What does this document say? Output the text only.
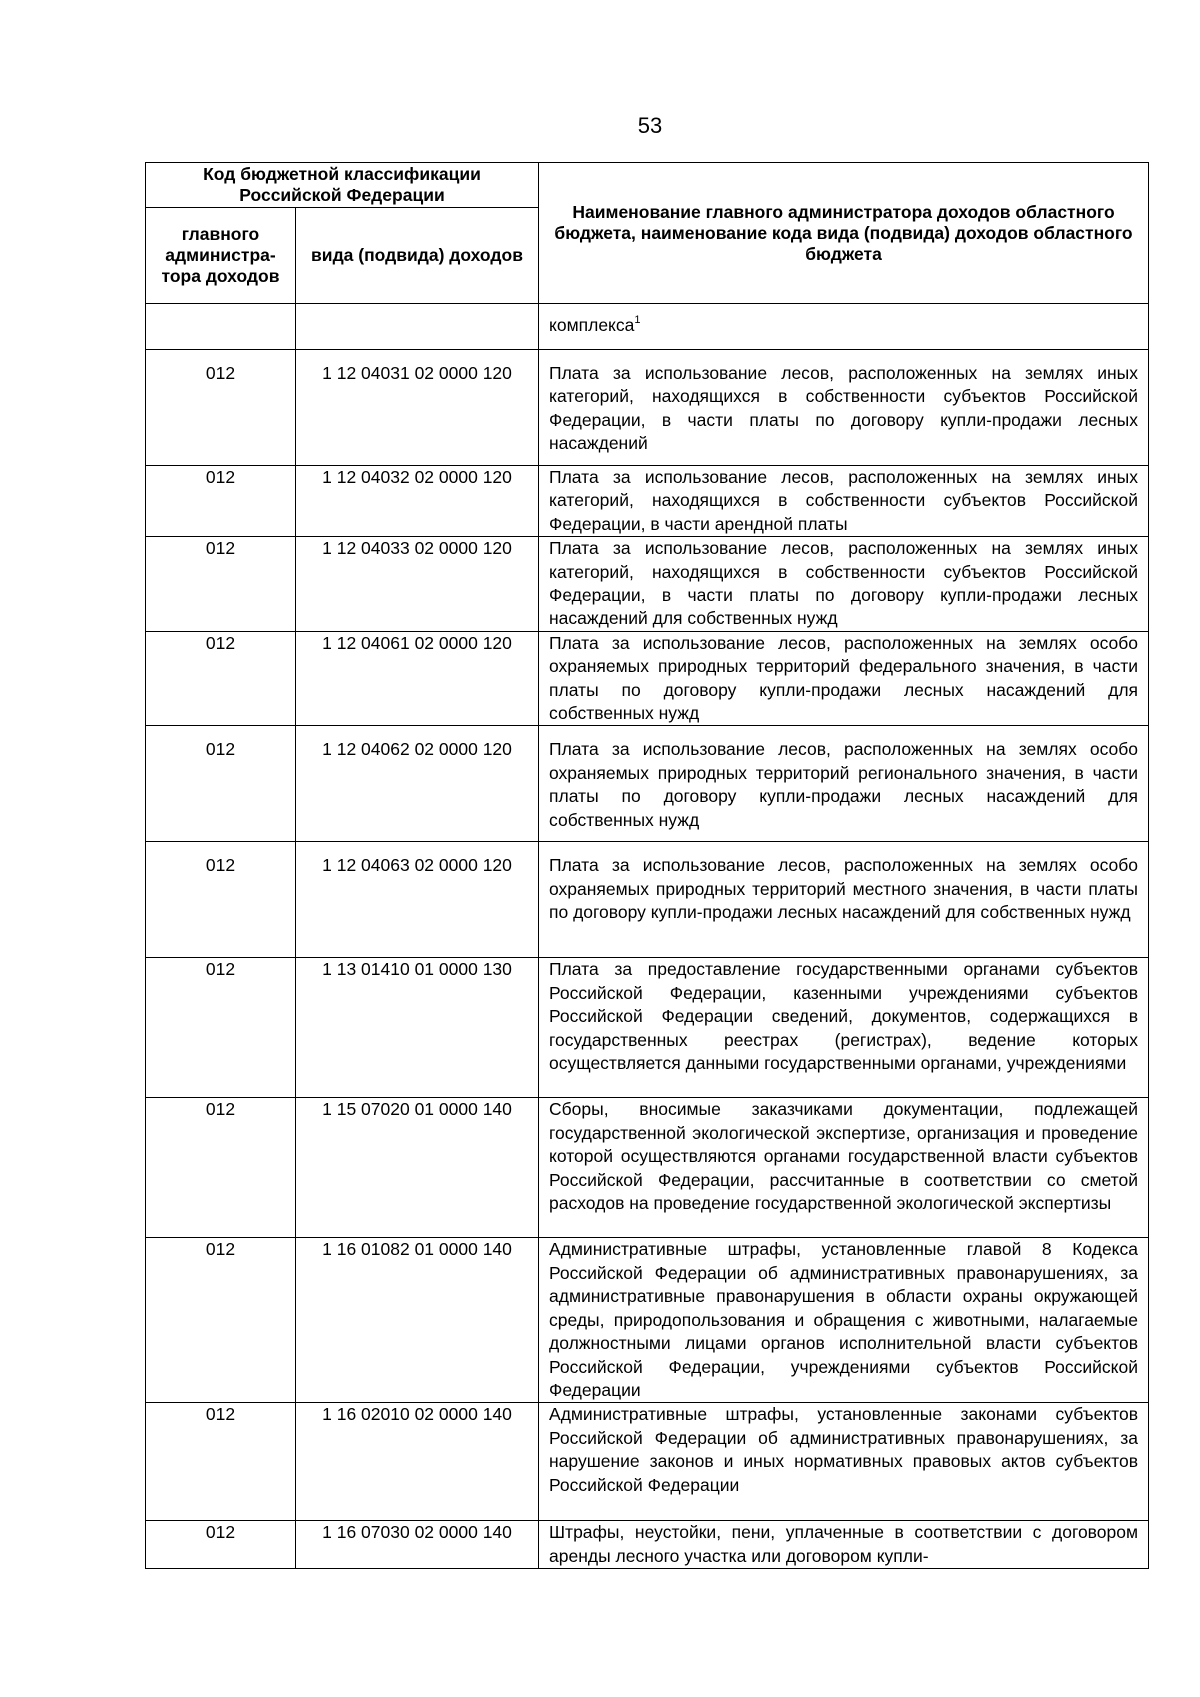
53
Код бюджетной классификации Российской Федерации		Наименование главного администратора доходов областного бюджета, наименование кода вида (подвида) доходов областного бюджета
главного администра-тора доходов	вида (подвида) доходов	
		комплекса$^1$
012	1 12 04031 02 0000 120	Плата за использование лесов, расположенных на землях иных категорий, находящихся в собственности субъектов Российской Федерации, в части платы по договору купли-продажи лесных насаждений
012	1 12 04032 02 0000 120	Плата за использование лесов, расположенных на землях иных категорий, находящихся в собственности субъектов Российской Федерации, в части арендной платы
012	1 12 04033 02 0000 120	Плата за использование лесов, расположенных на землях иных категорий, находящихся в собственности субъектов Российской Федерации, в части платы по договору купли-продажи лесных насаждений для собственных нужд
012	1 12 04061 02 0000 120	Плата за использование лесов, расположенных на землях особо охраняемых природных территорий федерального значения, в части платы по договору купли-продажи лесных насаждений для собственных нужд
012	1 12 04062 02 0000 120	Плата за использование лесов, расположенных на землях особо охраняемых природных территорий регионального значения, в части платы по договору купли-продажи лесных насаждений для собственных нужд
012	1 12 04063 02 0000 120	Плата за использование лесов, расположенных на землях особо охраняемых природных территорий местного значения, в части платы по договору купли-продажи лесных насаждений для собственных нужд
012	1 13 01410 01 0000 130	Плата за предоставление государственными органами субъектов Российской Федерации, казенными учреждениями субъектов Российской Федерации сведений, документов, содержащихся в государственных реестрах (регистрах), ведение которых осуществляется данными государственными органами, учреждениями
012	1 15 07020 01 0000 140	Сборы, вносимые заказчиками документации, подлежащей государственной экологической экспертизе, организация и проведение которой осуществляются органами государственной власти субъектов Российской Федерации, рассчитанные в соответствии со сметой расходов на проведение государственной экологической экспертизы
012	1 16 01082 01 0000 140	Административные штрафы, установленные главой 8 Кодекса Российской Федерации об административных правонарушениях, за административные правонарушения в области охраны окружающей среды, природопользования и обращения с животными, налагаемые должностными лицами органов исполнительной власти субъектов Российской Федерации, учреждениями субъектов Российской Федерации
012	1 16 02010 02 0000 140	Административные штрафы, установленные законами субъектов Российской Федерации об административных правонарушениях, за нарушение законов и иных нормативных правовых актов субъектов Российской Федерации
012	1 16 07030 02 0000 140	Штрафы, неустойки, пени, уплаченные в соответствии с договором аренды лесного участка или договором купли-
